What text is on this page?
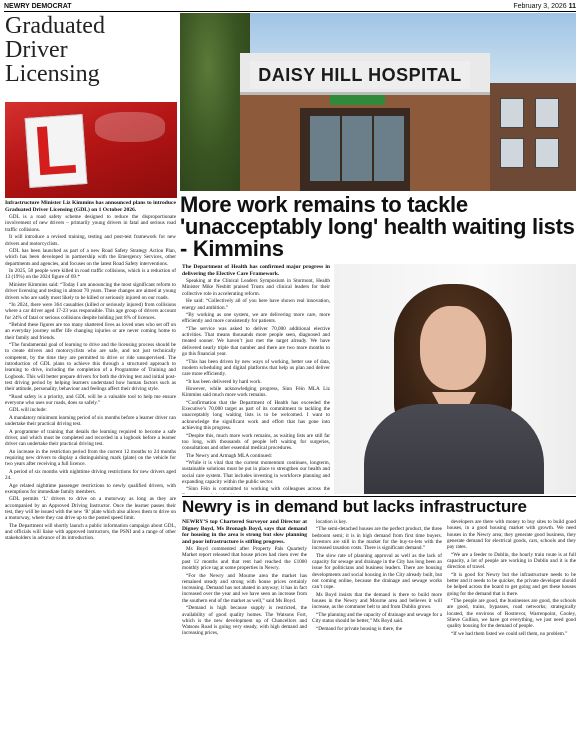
NEWRY DEMOCRAT	February 3, 2026 11
Graduated Driver Licensing
L

Infrastructure Minister Liz Kimmins has announced plans to introduce Graduated Driver Licensing (GDL) on 1 October 2026.

GDL is a road safety scheme designed to reduce the disproportionate involvement of new drivers – primarily young drivers in fatal and serious road traffic collisions.

It will introduce a revised training, testing and post-test framework for new drivers and motorcyclists.

GDL has been launched as part of a new Road Safety Strategy Action Plan, which has been developed in partnership with the Emergency Services, other departments and agencies, and focuses on the latest Road Safety interventions.

In 2025, 58 people were killed in road traffic collisions, which is a reduction of 13 (19%) on the 2024 figure of 69.*

Minister Kimmins said: “Today I am announcing the most significant reform to driver licensing and testing in almost 70 years. These changes are aimed at young drivers who are sadly most likely to be killed or seriously injured on our roads.

“In 2024, there were 364 casualties (killed or seriously injured) from collisions where a car driver aged 17-23 was responsible. This age group of drivers account for 24% of fatal or serious collisions despite holding just 8% of licences.

“Behind these figures are too many shattered lives as loved ones who set off on an everyday journey suffer life changing injuries or are never coming home to their family and friends.

“The fundamental goal of learning to drive and the licensing process should be to create drivers and motorcyclists who are safe, and not just technically competent, by the time they are permitted to drive or ride unsupervised. The introduction of GDL plans to achieve this through a structured approach to learning to drive, including the completion of a Programme of Training and Logbook. This will better prepare drivers for both the driving test and initial post-test driving period by helping learners understand how human factors such as their attitude, personality, behaviour and feelings affect their driving style.

“Road safety is a priority, and GDL will be a valuable tool to help me ensure everyone who uses our roads, does so safely.”

GDL will include:

A mandatory minimum learning period of six months before a learner driver can undertake their practical driving test.

A programme of training that details the learning required to become a safe driver, and which must be completed and recorded in a logbook before a learner driver can undertake their practical driving test.

An increase in the restriction period from the current 12 months to 24 months requiring new drivers to display a distinguishing mark (plate) on the vehicle for two years after receiving a full licence.

A period of six months with nighttime driving restrictions for new drivers aged 24.

Age related nighttime passenger restrictions to newly qualified drivers, with exemptions for immediate family members.

GDL permits ‘L’ drivers to drive on a motorway as long as they are accompanied by an Approved Driving Instructor. Once the learner passes their test, they will be issued with the new ‘R’ plate which also allows them to drive on a motorway, where they can drive up to the posted speed limit.

The Department will shortly launch a public information campaign about GDL, and officials will liaise with approved instructors, the PSNI and a range of other stakeholders in advance of its introduction.

DAISY HILL HOSPITAL
More work remains to tackle 'unacceptably long' health waiting lists - Kimmins

The Department of Health has confirmed major progress in delivering the Elective Care Framework.

Speaking at the Clinical Leaders Symposium in Stormont, Health Minister Mike Nesbitt praised Trusts and clinical leaders for their collective role in accelerating reform.

He said: “Collectively all of you here have shown real innovation, energy and ambition.”

“By working as one system, we are delivering more care, more efficiently and more consistently for patients.

“The service was asked to deliver 70,000 additional elective activities. That means thousands more people seen, diagnosed and treated sooner. We haven’t just met the target already. We have delivered nearly triple that number and there are two more months to go this financial year.

“This has been driven by new ways of working, better use of data, modern scheduling and digital platforms that help us plan and deliver care more efficiently.

“It has been delivered by hard work.

However, while acknowledging progress, Sinn Féin MLA Liz Kimmins said much more work remains.

“Confirmation that the Department of Health has exceeded the Executive’s 70,000 target as part of its commitment to tackling the unacceptably long waiting lists is to be welcomed. I want to acknowledge the significant work and effort that has gone into achieving this progress.

“Despite this, much more work remains, as waiting lists are still far too long, with thousands of people left waiting for surgeries, consultations and other essential medical procedures.

The Newry and Armagh MLA continued:

“While it is vital that the current momentum continues, longterm, sustainable solutions must be put in place to strengthen our health and social care system. That includes investing in workforce planning and expanding capacity within the public sector.

“Sinn Féin is committed to working with colleagues across the

Newry is in demand but lacks infrastructure

NEWRY’S top Chartered Surveyor and Director at Digney Boyd, Ms Bronagh Boyd, says that demand for housing in the area is strong but slow planning and poor infrastructure is stifling progress.

Ms Boyd commented after Property Pals Quarterly Market report released that house prices had risen over the past 12 months and that rent had reached the £1000 monthly price tag at some properties in Newry.

“For the Newry and Mourne area the market has remained steady and strong with house prices certainly increasing. Demand has not abated in anyway; it has in fact increased over the year and we have seen an increase from the southern end of the market as well,” said Ms Boyd.

“Demand is high because supply is restricted, the availability of good quality homes. The Watsons Fort, which is the new development up of Chancellors and Watsons Road is going very steady, with high demand and increasing prices,

location is key.

“The semi-detached houses are the perfect product, the three bedroom semi; it is in high demand from first time buyers. Investors are still in the market for the buy-to-lets with the increased taxation costs. There is significant demand.”

The slow rate of planning approval as well as the lack of capacity for sewage and drainage in the City has long been an issue for politicians and business leaders. There are housing developments and social housing in the City already built, but not coming online, because the drainage and sewage works can’t cope.

Ms Boyd insists that the demand is there to build more houses in the Newry and Mourne area and believes it will increase, as the commuter belt to and from Dublin grows.

“The planning and the capacity of drainage and sewage for a City status should be better,” Ms Boyd said.

“Demand for private housing is there, the

developers are there with money to buy sites to build good houses, in a good housing market with growth. We need houses in the Newry area; they generate good business, they generate demand for electrical goods, cars, schools and they pay rates.

“We are a feeder to Dublin, the hourly train route is at full capacity, a lot of people are working in Dublin and it is the direction of travel.

“It is good for Newry but the infrastructure needs to be better and it needs to be quicker, the private developer should be helped across the board to get going and get these houses going for the demand that is there.

“The people are good, the businesses are good, the schools are good, trains, bypasses, road networks; strategically located, the environs of Rostrevor, Warrenpoint, Cooley, Slieve Gullion, we have got everything, we just need good quality housing for the demand of people.

“If we had them listed we could sell them, no problem.”
